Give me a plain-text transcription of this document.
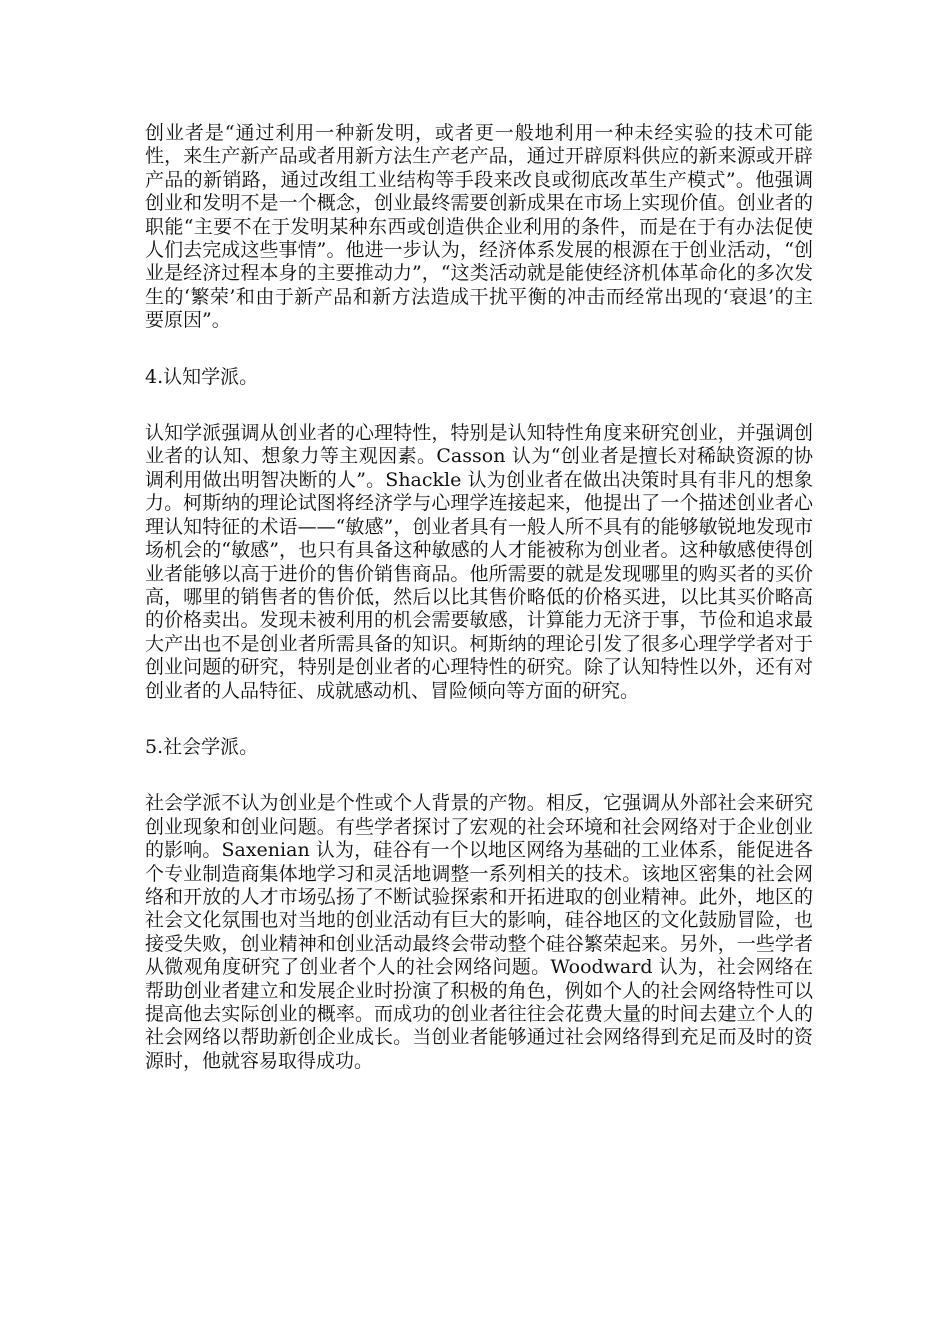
创业者是“通过利用一种新发明，或者更一般地利用一种未经实验的技术可能性，来生产新产品或者用新方法生产老产品，通过开辟原料供应的新来源或开辟产品的新销路，通过改组工业结构等手段来改良或彻底改革生产模式”。他强调创业和发明不是一个概念，创业最终需要创新成果在市场上实现价值。创业者的职能“主要不在于发明某种东西或创造供企业利用的条件，而是在于有办法促使人们去完成这些事情”。他进一步认为，经济体系发展的根源在于创业活动，“创业是经济过程本身的主要推动力”，“这类活动就是能使经济机体革命化的多次发生的‘繁荣’和由于新产品和新方法造成干扰平衡的冲击而经常出现的‘衰退’的主要原因”。

4.认知学派。

认知学派强调从创业者的心理特性，特别是认知特性角度来研究创业，并强调创业者的认知、想象力等主观因素。Casson 认为“创业者是擅长对稀缺资源的协调利用做出明智决断的人”。Shackle 认为创业者在做出决策时具有非凡的想象力。柯斯纳的理论试图将经济学与心理学连接起来，他提出了一个描述创业者心理认知特征的术语——“敏感”，创业者具有一般人所不具有的能够敏锐地发现市场机会的“敏感”，也只有具备这种敏感的人才能被称为创业者。这种敏感使得创业者能够以高于进价的售价销售商品。他所需要的就是发现哪里的购买者的买价高，哪里的销售者的售价低，然后以比其售价略低的价格买进，以比其买价略高的价格卖出。发现未被利用的机会需要敏感，计算能力无济于事，节俭和追求最大产出也不是创业者所需具备的知识。柯斯纳的理论引发了很多心理学学者对于创业问题的研究，特别是创业者的心理特性的研究。除了认知特性以外，还有对创业者的人品特征、成就感动机、冒险倾向等方面的研究。

5.社会学派。

社会学派不认为创业是个性或个人背景的产物。相反，它强调从外部社会来研究创业现象和创业问题。有些学者探讨了宏观的社会环境和社会网络对于企业创业的影响。Saxenian 认为，硅谷有一个以地区网络为基础的工业体系，能促进各个专业制造商集体地学习和灵活地调整一系列相关的技术。该地区密集的社会网络和开放的人才市场弘扬了不断试验探索和开拓进取的创业精神。此外，地区的社会文化氛围也对当地的创业活动有巨大的影响，硅谷地区的文化鼓励冒险，也接受失败，创业精神和创业活动最终会带动整个硅谷繁荣起来。另外，一些学者从微观角度研究了创业者个人的社会网络问题。Woodward 认为，社会网络在帮助创业者建立和发展企业时扮演了积极的角色，例如个人的社会网络特性可以提高他去实际创业的概率。而成功的创业者往往会花费大量的时间去建立个人的社会网络以帮助新创企业成长。当创业者能够通过社会网络得到充足而及时的资源时，他就容易取得成功。
